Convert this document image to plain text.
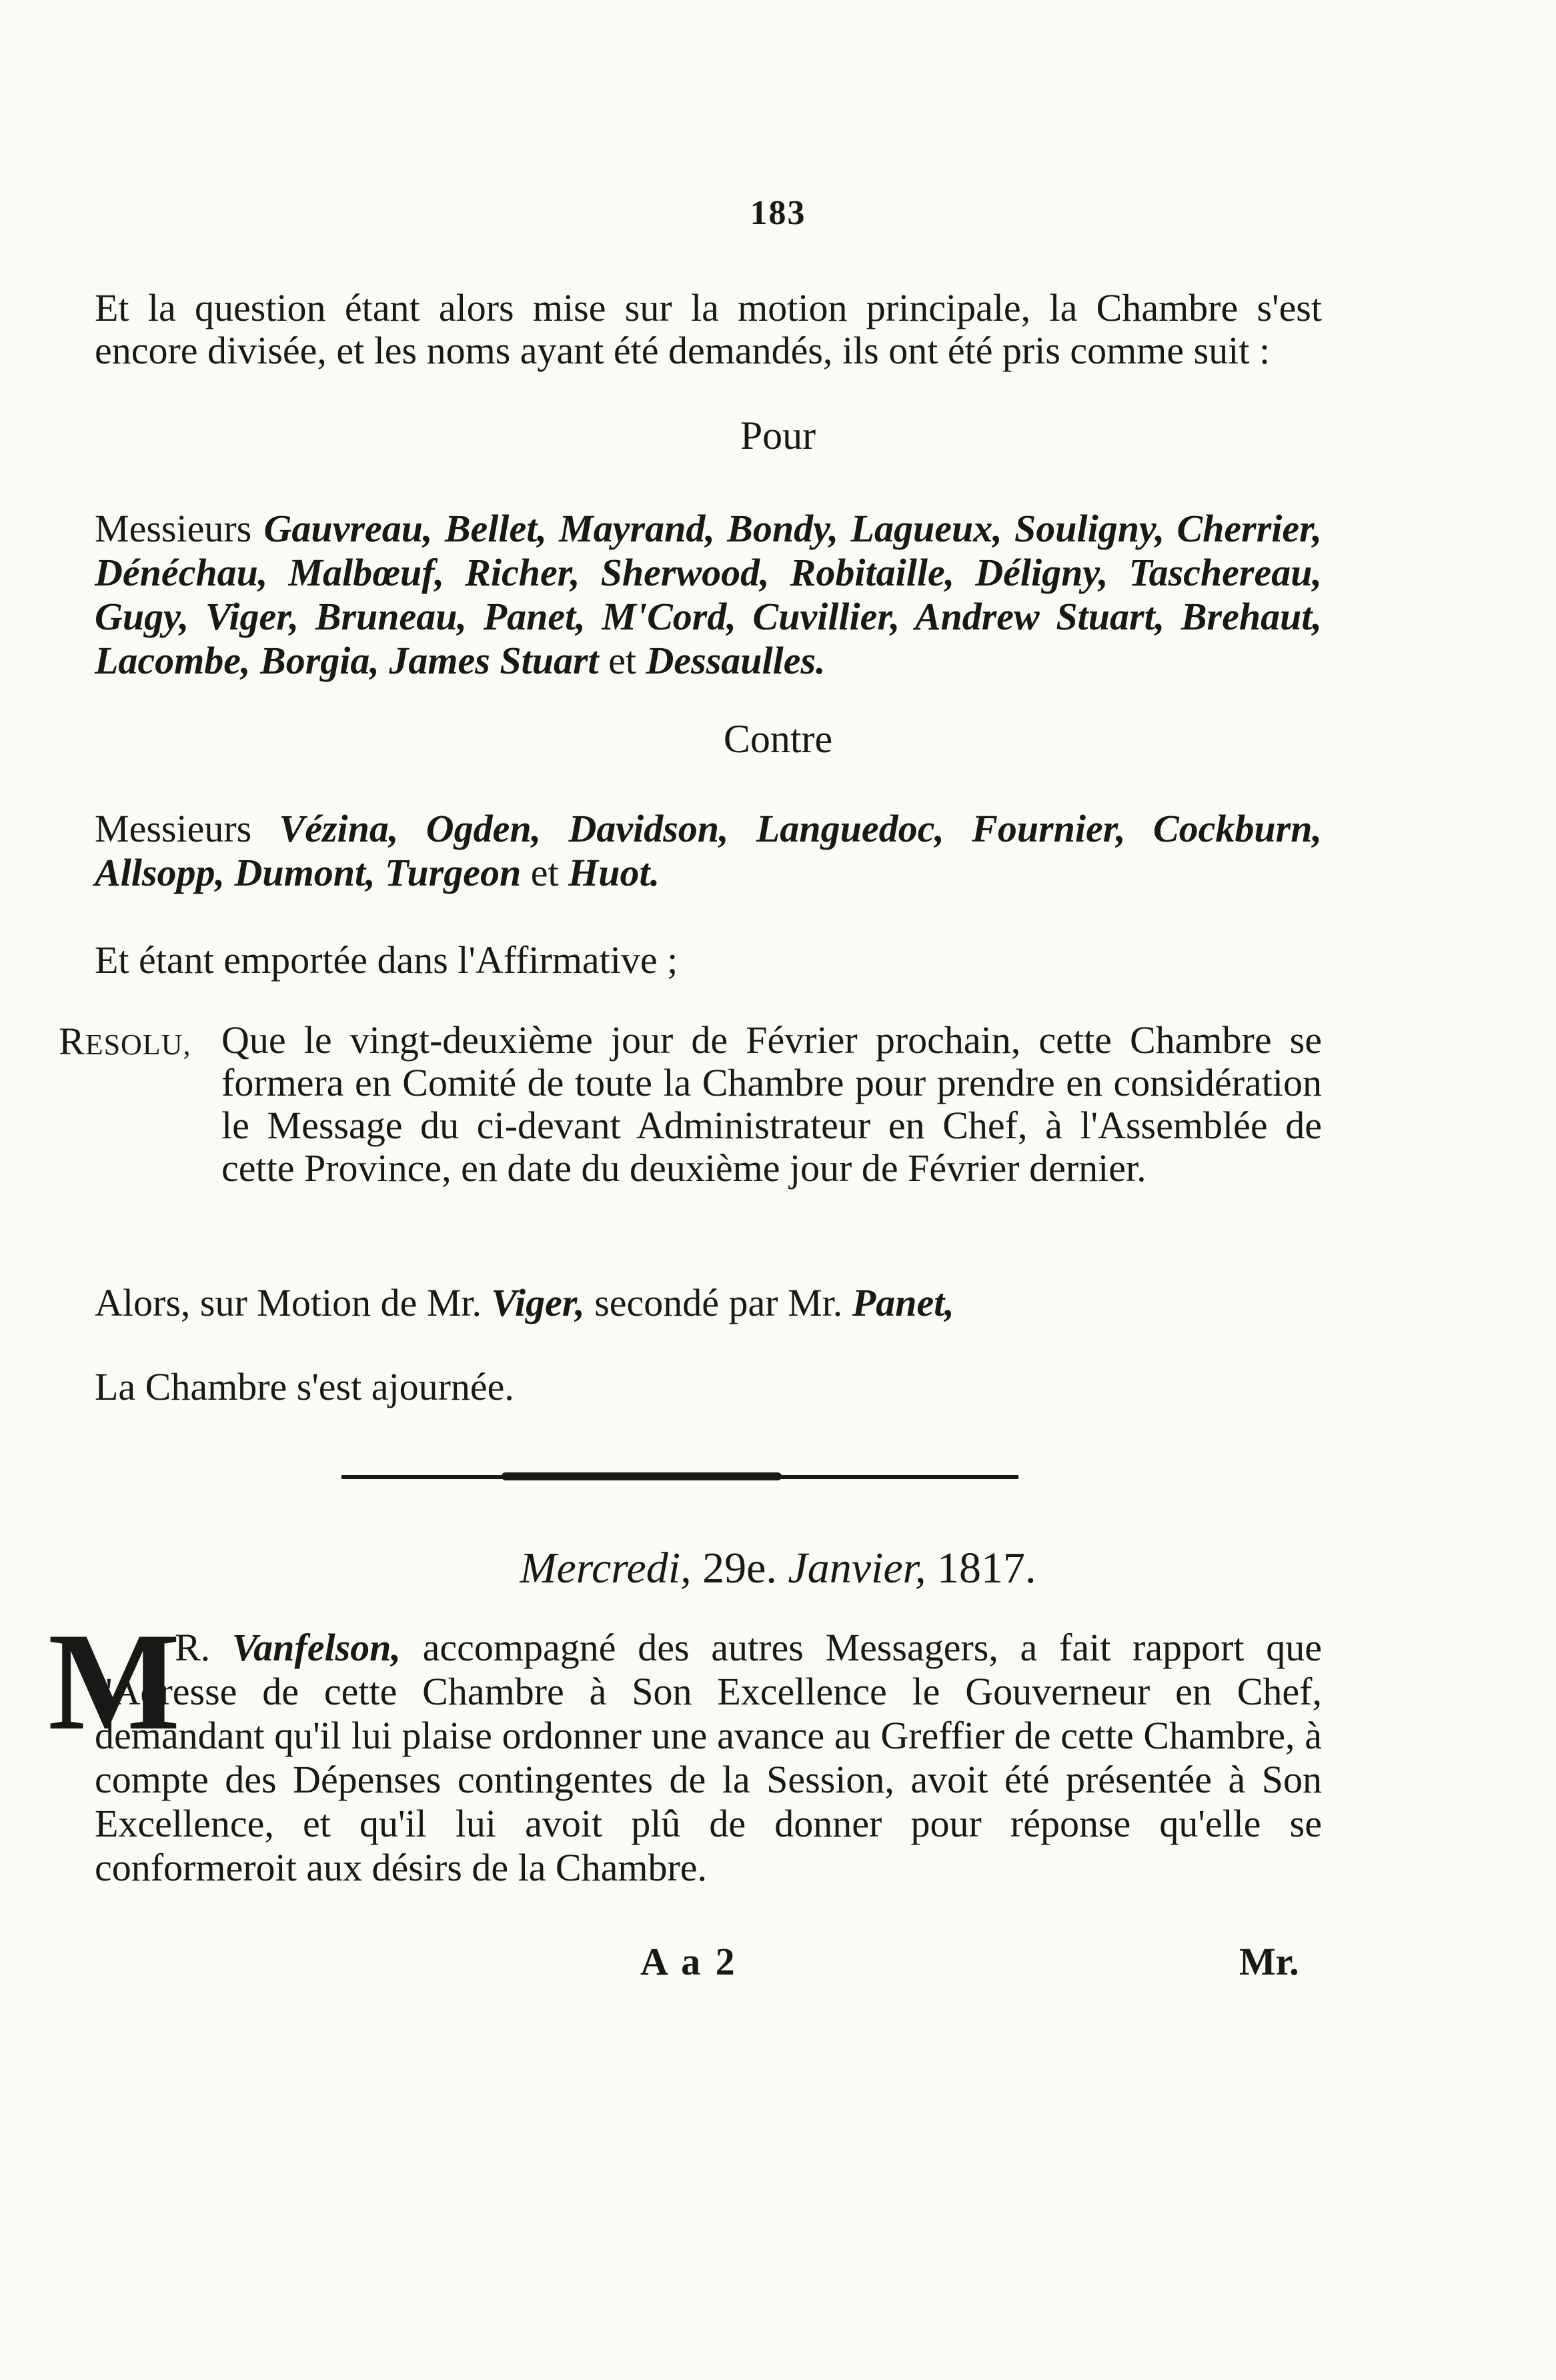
183
Et la question étant alors mise sur la motion principale, la Chambre s'est encore divisée, et les noms ayant été demandés, ils ont été pris comme suit :
Pour
Messieurs Gauvreau, Bellet, Mayrand, Bondy, Lagueux, Souligny, Cherrier, Dénéchau, Malbœuf, Richer, Sherwood, Robitaille, Déligny, Taschereau, Gugy, Viger, Bruneau, Panet, M'Cord, Cuvillier, Andrew Stuart, Brehaut, Lacombe, Borgia, James Stuart et Dessaulles.
Contre
Messieurs Vézina, Ogden, Davidson, Languedoc, Fournier, Cockburn, Allsopp, Dumont, Turgeon et Huot.
Et étant emportée dans l'Affirmative ;
RESOLU, Que le vingt-deuxième jour de Février prochain, cette Chambre se formera en Comité de toute la Chambre pour prendre en considération le Message du ci-devant Administrateur en Chef, à l'Assemblée de cette Province, en date du deuxième jour de Février dernier.
Alors, sur Motion de Mr. Viger, secondé par Mr. Panet,
La Chambre s'est ajournée.
Mercredi, 29e. Janvier, 1817.
M
R. Vanfelson, accompagné des autres Messagers, a fait rapport que l'Adresse de cette Chambre à Son Excellence le Gouverneur en Chef, demandant qu'il lui plaise ordonner une avance au Greffier de cette Chambre, à compte des Dépenses contingentes de la Session, avoit été présentée à Son Excellence, et qu'il lui avoit plû de donner pour réponse qu'elle se conformeroit aux désirs de la Chambre.
A a 2	Mr.
